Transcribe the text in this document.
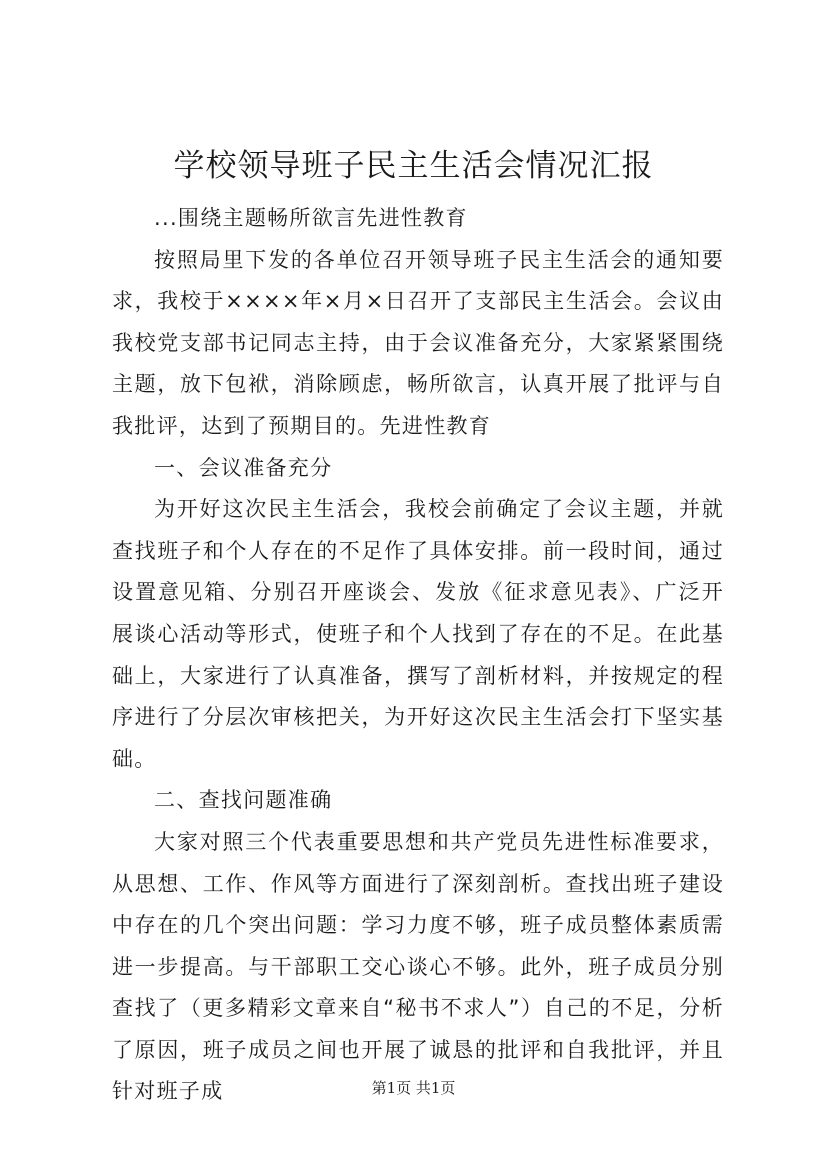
学校领导班子民主生活会情况汇报

...围绕主题畅所欲言先进性教育

按照局里下发的各单位召开领导班子民主生活会的通知要求，我校于××××年×月×日召开了支部民主生活会。会议由我校党支部书记同志主持，由于会议准备充分，大家紧紧围绕主题，放下包袱，消除顾虑，畅所欲言，认真开展了批评与自我批评，达到了预期目的。先进性教育

一、会议准备充分

为开好这次民主生活会，我校会前确定了会议主题，并就查找班子和个人存在的不足作了具体安排。前一段时间，通过设置意见箱、分别召开座谈会、发放《征求意见表》、广泛开展谈心活动等形式，使班子和个人找到了存在的不足。在此基础上，大家进行了认真准备，撰写了剖析材料，并按规定的程序进行了分层次审核把关，为开好这次民主生活会打下坚实基础。

二、查找问题准确

大家对照三个代表重要思想和共产党员先进性标准要求，从思想、工作、作风等方面进行了深刻剖析。查找出班子建设中存在的几个突出问题：学习力度不够，班子成员整体素质需进一步提高。与干部职工交心谈心不够。此外，班子成员分别查找了（更多精彩文章来自“秘书不求人”）自己的不足，分析了原因，班子成员之间也开展了诚恳的批评和自我批评，并且针对班子成	第1页 共1页
